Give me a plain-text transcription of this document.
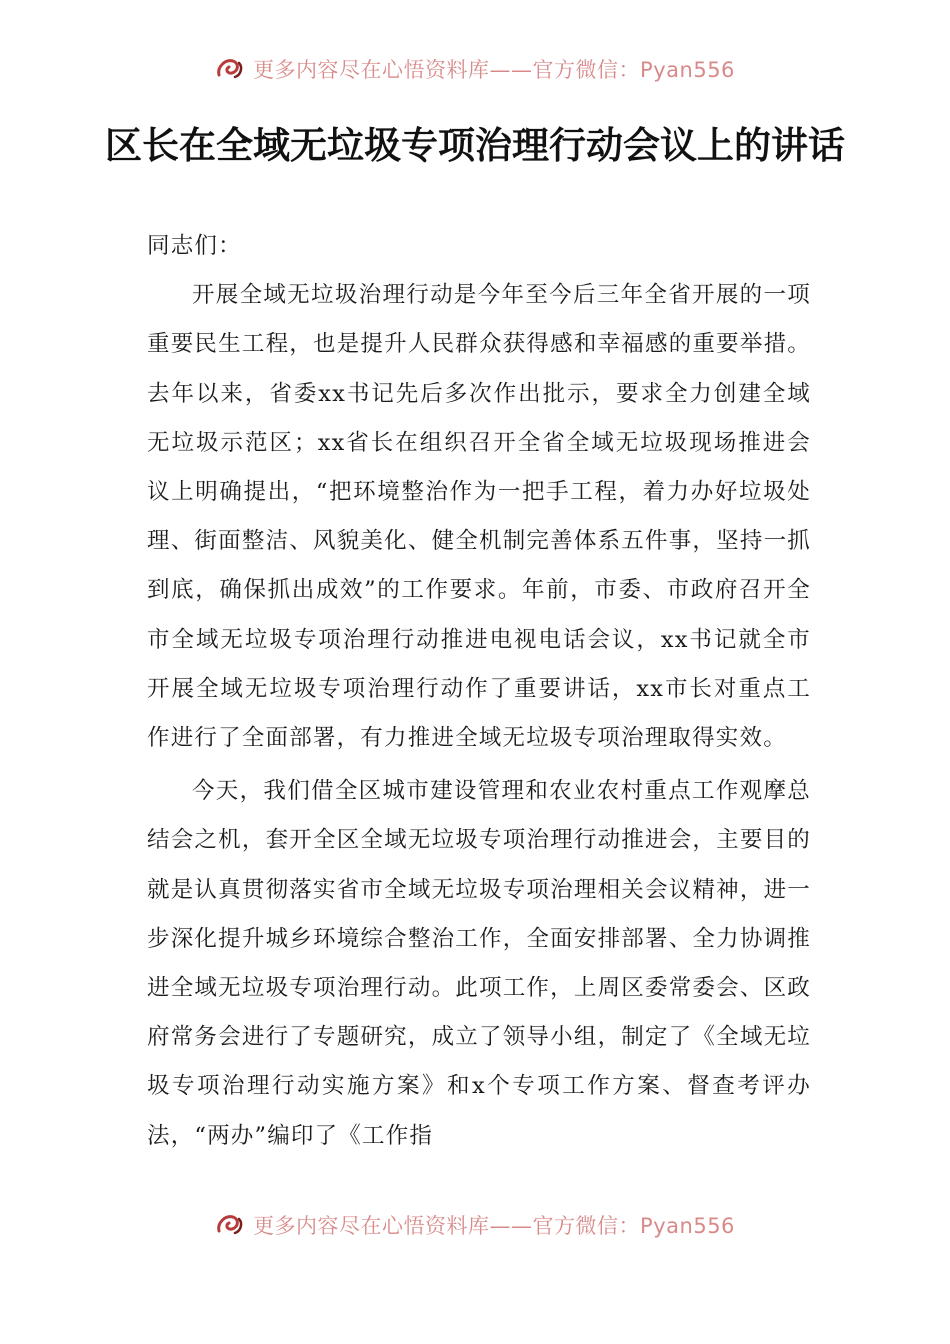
更多内容尽在心悟资料库——官方微信：Pyan556
区长在全域无垃圾专项治理行动会议上的讲话

同志们：

开展全域无垃圾治理行动是今年至今后三年全省开展的一项重要民生工程，也是提升人民群众获得感和幸福感的重要举措。去年以来，省委xx书记先后多次作出批示，要求全力创建全域无垃圾示范区；xx省长在组织召开全省全域无垃圾现场推进会议上明确提出，“把环境整治作为一把手工程，着力办好垃圾处理、街面整洁、风貌美化、健全机制完善体系五件事，坚持一抓到底，确保抓出成效”的工作要求。年前，市委、市政府召开全市全域无垃圾专项治理行动推进电视电话会议，xx书记就全市开展全域无垃圾专项治理行动作了重要讲话，xx市长对重点工作进行了全面部署，有力推进全域无垃圾专项治理取得实效。

今天，我们借全区城市建设管理和农业农村重点工作观摩总结会之机，套开全区全域无垃圾专项治理行动推进会，主要目的就是认真贯彻落实省市全域无垃圾专项治理相关会议精神，进一步深化提升城乡环境综合整治工作，全面安排部署、全力协调推进全域无垃圾专项治理行动。此项工作，上周区委常委会、区政府常务会进行了专题研究，成立了领导小组，制定了《全域无垃圾专项治理行动实施方案》和x个专项工作方案、督查考评办法，“两办”编印了《工作指

更多内容尽在心悟资料库——官方微信：Pyan556
